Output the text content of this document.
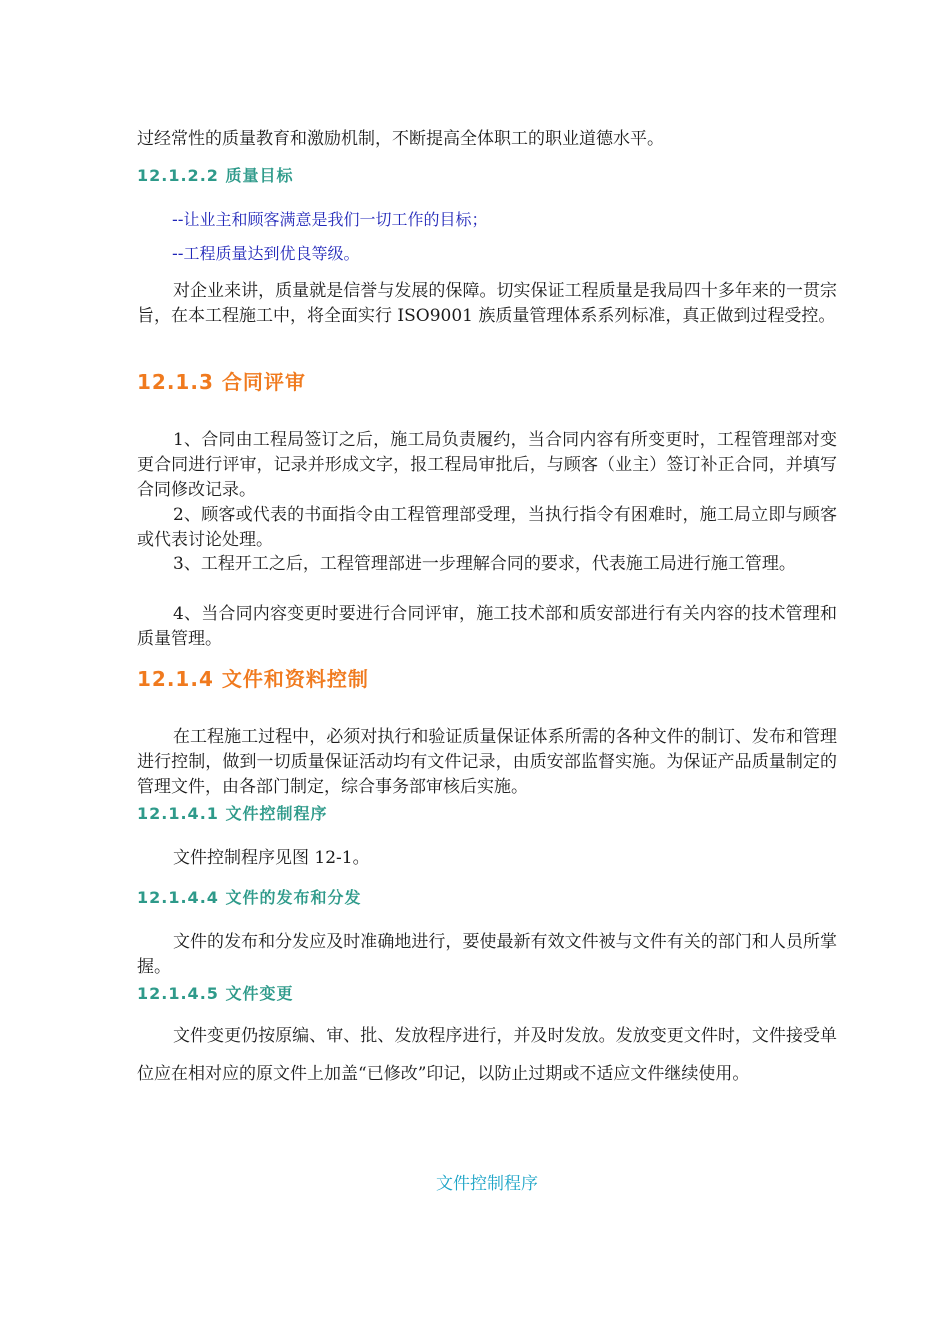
过经常性的质量教育和激励机制，不断提高全体职工的职业道德水平。

12.1.2.2 质量目标
--让业主和顾客满意是我们一切工作的目标；
--工程质量达到优良等级。

对企业来讲，质量就是信誉与发展的保障。切实保证工程质量是我局四十多年来的一贯宗旨，在本工程施工中，将全面实行 ISO9001 族质量管理体系系列标准，真正做到过程受控。

12.1.3 合同评审

1、合同由工程局签订之后，施工局负责履约，当合同内容有所变更时，工程管理部对变更合同进行评审，记录并形成文字，报工程局审批后，与顾客（业主）签订补正合同，并填写合同修改记录。

2、顾客或代表的书面指令由工程管理部受理，当执行指令有困难时，施工局立即与顾客或代表讨论处理。

3、工程开工之后，工程管理部进一步理解合同的要求，代表施工局进行施工管理。

4、当合同内容变更时要进行合同评审，施工技术部和质安部进行有关内容的技术管理和质量管理。

12.1.4 文件和资料控制

在工程施工过程中，必须对执行和验证质量保证体系所需的各种文件的制订、发布和管理进行控制，做到一切质量保证活动均有文件记录，由质安部监督实施。为保证产品质量制定的管理文件，由各部门制定，综合事务部审核后实施。

12.1.4.1 文件控制程序

文件控制程序见图 12-1。

12.1.4.4 文件的发布和分发

文件的发布和分发应及时准确地进行，要使最新有效文件被与文件有关的部门和人员所掌握。

12.1.4.5 文件变更

文件变更仍按原编、审、批、发放程序进行，并及时发放。发放变更文件时，文件接受单位应在相对应的原文件上加盖“已修改”印记，以防止过期或不适应文件继续使用。

文件控制程序
